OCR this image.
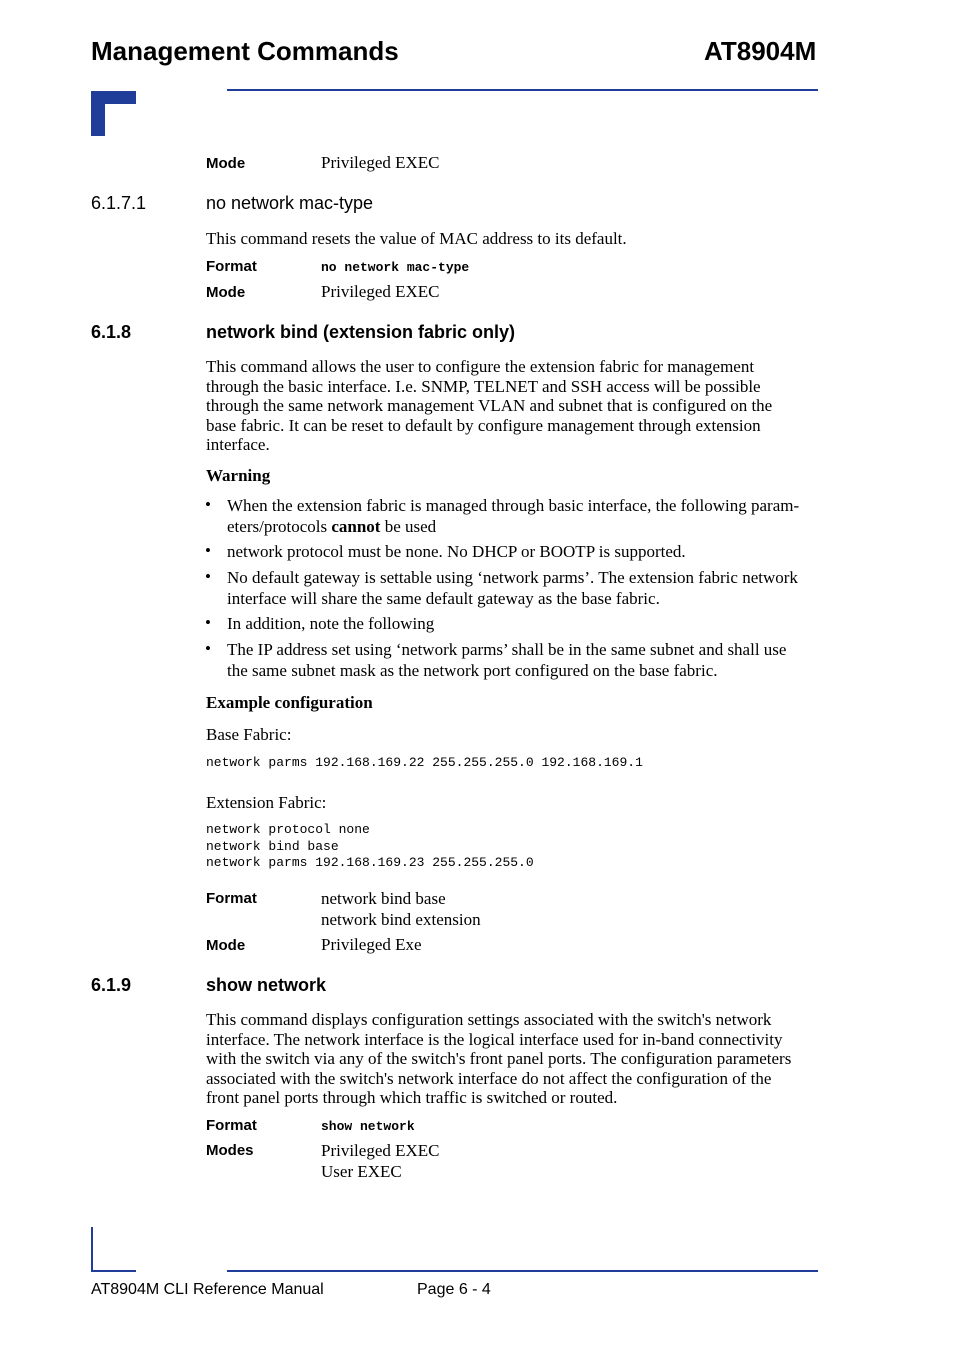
Management Commands	AT8904M
Mode	Privileged EXEC
6.1.7.1	no network mac-type
This command resets the value of MAC address to its default.
Format	no network mac-type
Mode	Privileged EXEC
6.1.8	network bind (extension fabric only)
This command allows the user to configure the extension fabric for management
through the basic interface. I.e. SNMP, TELNET and SSH access will be possible
through the same network management VLAN and subnet that is configured on the
base fabric. It can be reset to default by configure management through extension
interface.
Warning
• When the extension fabric is managed through basic interface, the following param-
eters/protocols cannot be used
• network protocol must be none. No DHCP or BOOTP is supported.
• No default gateway is settable using ‘network parms’. The extension fabric network
interface will share the same default gateway as the base fabric.
• In addition, note the following
• The IP address set using ‘network parms’ shall be in the same subnet and shall use
the same subnet mask as the network port configured on the base fabric.
Example configuration
Base Fabric:
network parms 192.168.169.22 255.255.255.0 192.168.169.1
Extension Fabric:
network protocol none
network bind base
network parms 192.168.169.23 255.255.255.0
Format	network bind base
network bind extension
Mode	Privileged Exe
6.1.9	show network
This command displays configuration settings associated with the switch's network
interface. The network interface is the logical interface used for in-band connectivity
with the switch via any of the switch's front panel ports. The configuration parameters
associated with the switch's network interface do not affect the configuration of the
front panel ports through which traffic is switched or routed.
Format	show network
Modes	Privileged EXEC
User EXEC
AT8904M CLI Reference Manual	Page 6 - 4
